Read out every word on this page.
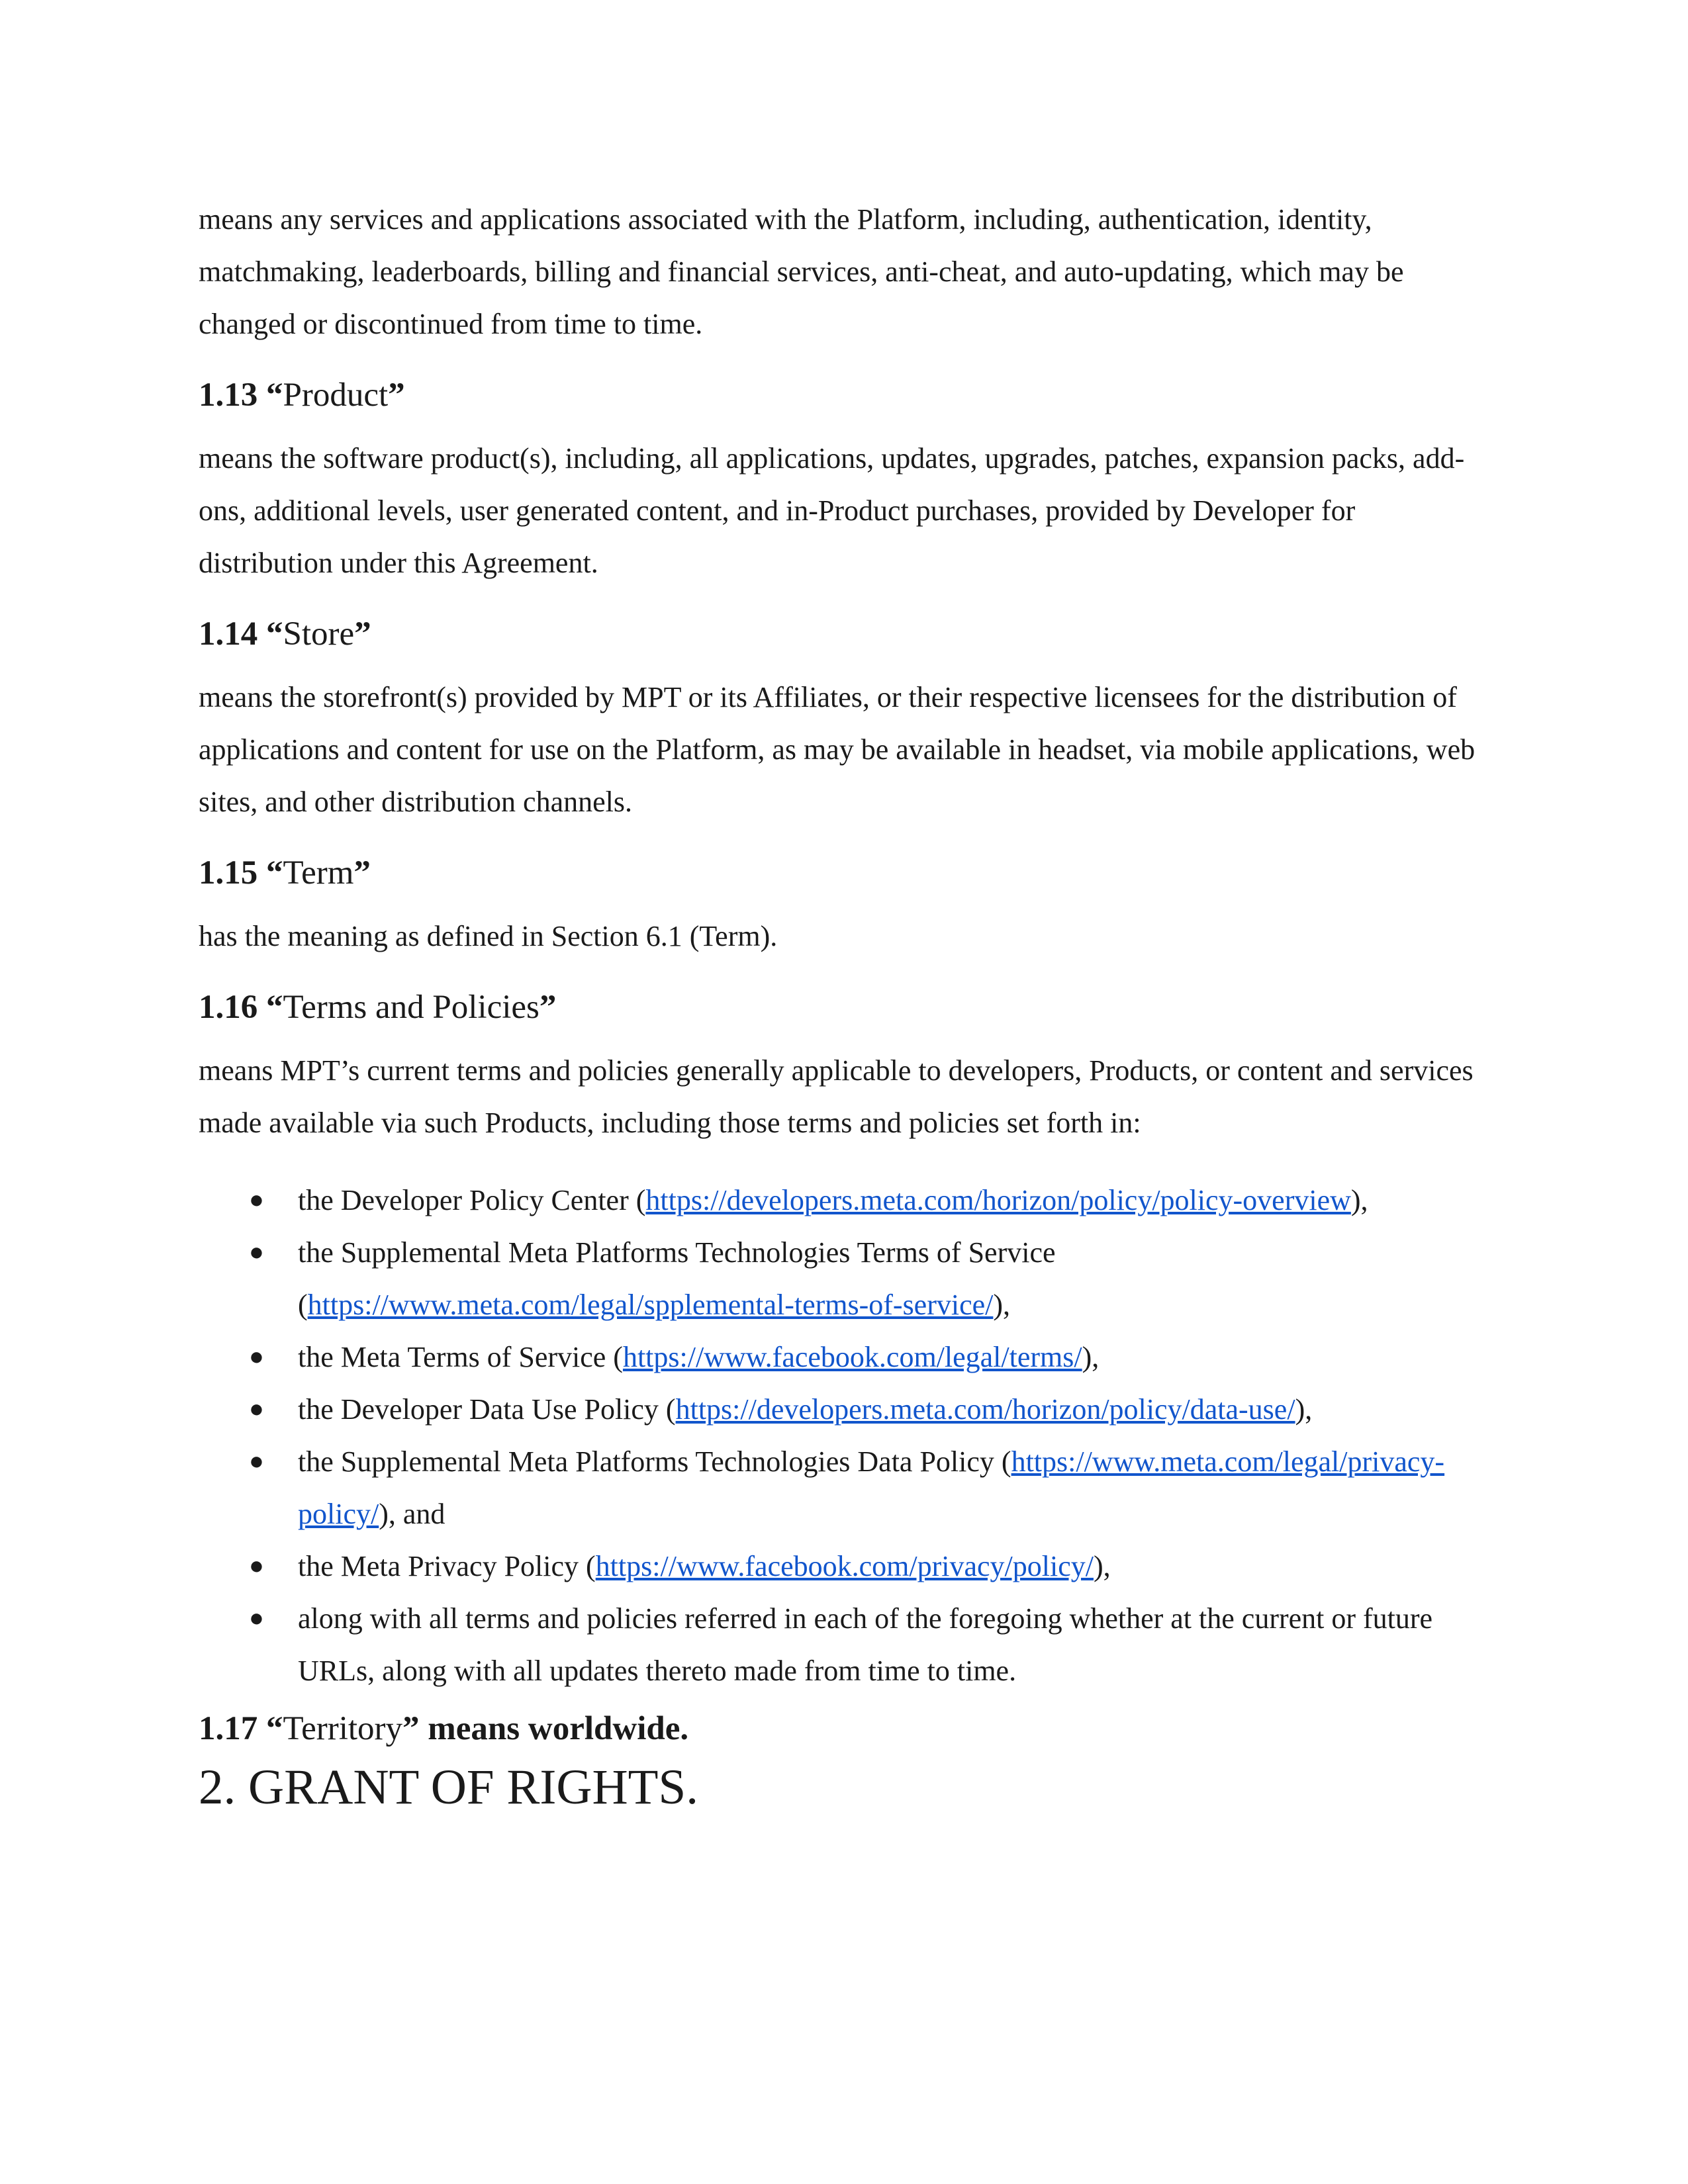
means any services and applications associated with the Platform, including, authentication, identity, matchmaking, leaderboards, billing and financial services, anti-cheat, and auto-updating, which may be changed or discontinued from time to time.

1.13 “Product”

means the software product(s), including, all applications, updates, upgrades, patches, expansion packs, add-ons, additional levels, user generated content, and in-Product purchases, provided by Developer for distribution under this Agreement.

1.14 “Store”

means the storefront(s) provided by MPT or its Affiliates, or their respective licensees for the distribution of applications and content for use on the Platform, as may be available in headset, via mobile applications, web sites, and other distribution channels.

1.15 “Term”

has the meaning as defined in Section 6.1 (Term).

1.16 “Terms and Policies”

means MPT’s current terms and policies generally applicable to developers, Products, or content and services made available via such Products, including those terms and policies set forth in:

● the Developer Policy Center (https://developers.meta.com/horizon/policy/policy-overview),
● the Supplemental Meta Platforms Technologies Terms of Service (https://www.meta.com/legal/spplemental-terms-of-service/),
● the Meta Terms of Service (https://www.facebook.com/legal/terms/),
● the Developer Data Use Policy (https://developers.meta.com/horizon/policy/data-use/),
● the Supplemental Meta Platforms Technologies Data Policy (https://www.meta.com/legal/privacy-policy/), and
● the Meta Privacy Policy (https://www.facebook.com/privacy/policy/),
● along with all terms and policies referred in each of the foregoing whether at the current or future URLs, along with all updates thereto made from time to time.
1.17 “Territory” means worldwide.
2. GRANT OF RIGHTS.
